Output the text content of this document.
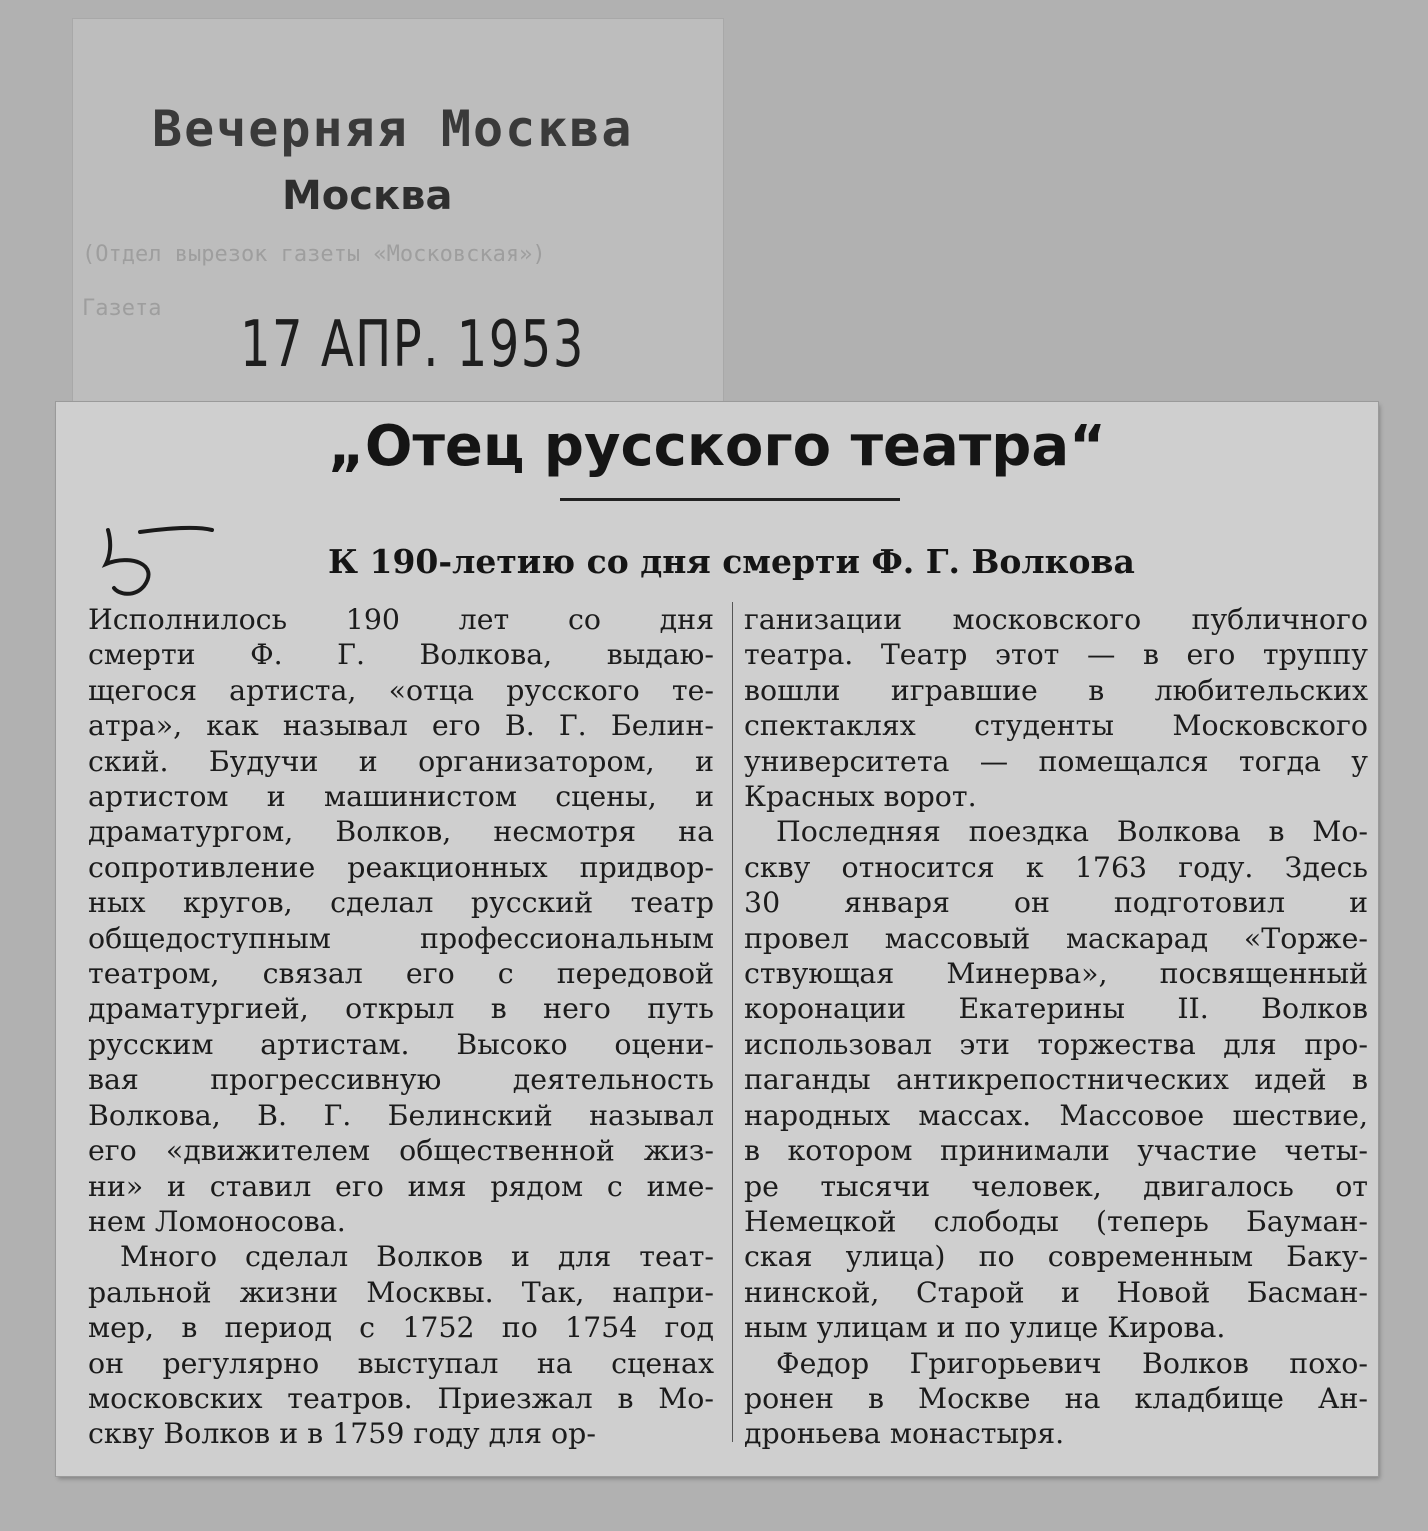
Вечерняя Москва
Москва
(Отдел вырезок газеты «Московская»)
Газета 17 АПР. 1953
„Отец русского театра“
К 190-летию со дня смерти Ф. Г. Волкова
Исполнилось 190 лет со дня
смерти Ф. Г. Волкова, выдаю-
щегося артиста, «отца русского те-
атра», как называл его В. Г. Белин-
ский. Будучи и организатором, и
артистом и машинистом сцены, и
драматургом, Волков, несмотря на
сопротивление реакционных придвор-
ных кругов, сделал русский театр
общедоступным профессиональным
театром, связал его с передовой
драматургией, открыл в него путь
русским артистам. Высоко оцени-
вая прогрессивную деятельность
Волкова, В. Г. Белинский называл
его «движителем общественной жиз-
ни» и ставил его имя рядом с име-
нем Ломоносова.
Много сделал Волков и для теат-
ральной жизни Москвы. Так, напри-
мер, в период с 1752 по 1754 год
он регулярно выступал на сценах
московских театров. Приезжал в Мо-
скву Волков и в 1759 году для ор-
ганизации московского публичного
театра. Театр этот — в его труппу
вошли игравшие в любительских
спектаклях студенты Московского
университета — помещался тогда у
Красных ворот.
Последняя поездка Волкова в Мо-
скву относится к 1763 году. Здесь
30 января он подготовил и
провел массовый маскарад «Торже-
ствующая Минерва», посвященный
коронации Екатерины II. Волков
использовал эти торжества для про-
паганды антикрепостнических идей в
народных массах. Массовое шествие,
в котором принимали участие четы-
ре тысячи человек, двигалось от
Немецкой слободы (теперь Бауман-
ская улица) по современным Баку-
нинской, Старой и Новой Басман-
ным улицам и по улице Кирова.
Федор Григорьевич Волков похо-
ронен в Москве на кладбище Ан-
дроньева монастыря.
